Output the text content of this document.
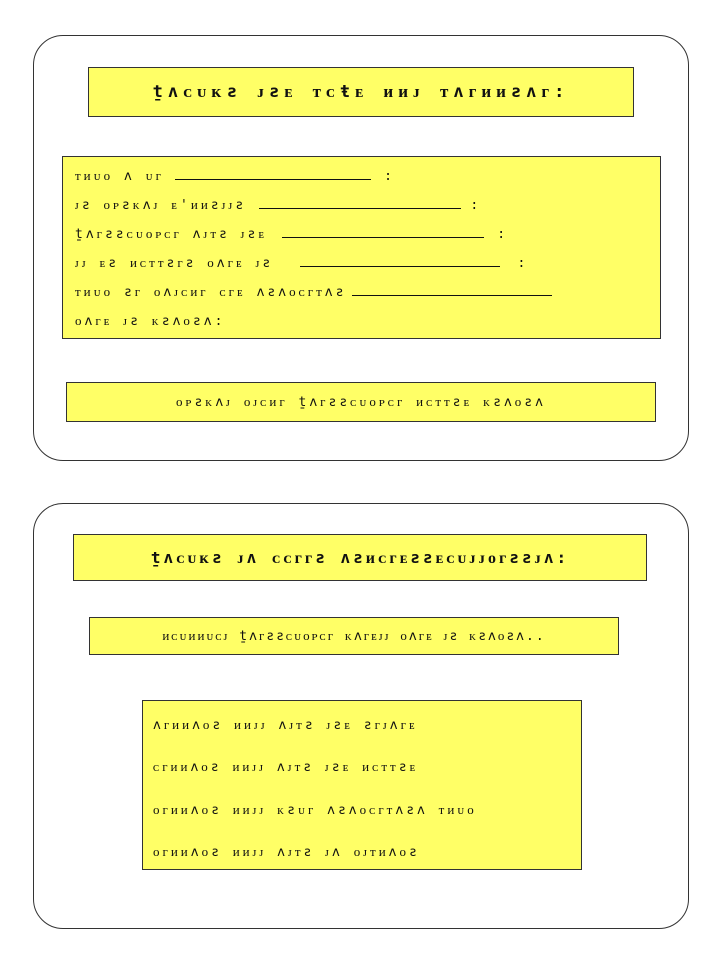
ṯʌᴄᴜᴋƨ ᴊƨᴇ ᴛᴄŧᴇ ᴎᴎᴊ ᴛʌᴦᴎᴎƨʌᴦ:
ᴛᴎᴜᴏ ʌ ᴜᴦ	:
ᴊƨ ᴏᴘƨᴋʌᴊ ᴇ'ᴎᴎƨᴊᴊƨ	:
ṯʌᴦƨƨᴄᴜᴏᴘᴄᴦ ʌᴊᴛƨ ᴊƨᴇ	:
ᴊᴊ ᴇƨ ᴎᴄᴛᴛƨᴦƨ ᴏʌᴦᴇ ᴊƨ	:
ᴛᴎᴜᴏ ƨᴦ ᴏʌᴊᴄᴎᴦ ᴄᴦᴇ ʌƨʌᴏᴄᴦᴛʌƨ
ᴏʌᴦᴇ ᴊƨ ᴋƨʌᴏƨʌ:
ᴏᴘƨᴋʌᴊ ᴏᴊᴄᴎᴦ ṯʌᴦƨƨᴄᴜᴏᴘᴄᴦ ᴎᴄᴛᴛƨᴇ ᴋƨʌᴏƨʌ
ṯʌᴄᴜᴋƨ ᴊʌ ᴄᴄᴦᴦƨ ʌƨᴎᴄᴦᴇƨƨᴇᴄᴜᴊᴊᴏᴦƨƨᴊʌ:
ᴎᴄᴜᴎᴎᴜᴄᴊ ṯʌᴦƨƨᴄᴜᴏᴘᴄᴦ ᴋʌᴦᴇᴊᴊ ᴏʌᴦᴇ ᴊƨ ᴋƨʌᴏƨʌ..
ʌᴦᴎᴎʌᴏƨ ᴎᴎᴊᴊ ʌᴊᴛƨ ᴊƨᴇ ƨᴦᴊʌᴦᴇ
ᴄᴦᴎᴎʌᴏƨ ᴎᴎᴊᴊ ʌᴊᴛƨ ᴊƨᴇ ᴎᴄᴛᴛƨᴇ
ᴏᴦᴎᴎʌᴏƨ ᴎᴎᴊᴊ ᴋƨᴜᴦ ʌƨʌᴏᴄᴦᴛʌƨʌ ᴛᴎᴜᴏ
ᴏᴦᴎᴎʌᴏƨ ᴎᴎᴊᴊ ʌᴊᴛƨ ᴊʌ ᴏᴊᴛᴎʌᴏƨ
